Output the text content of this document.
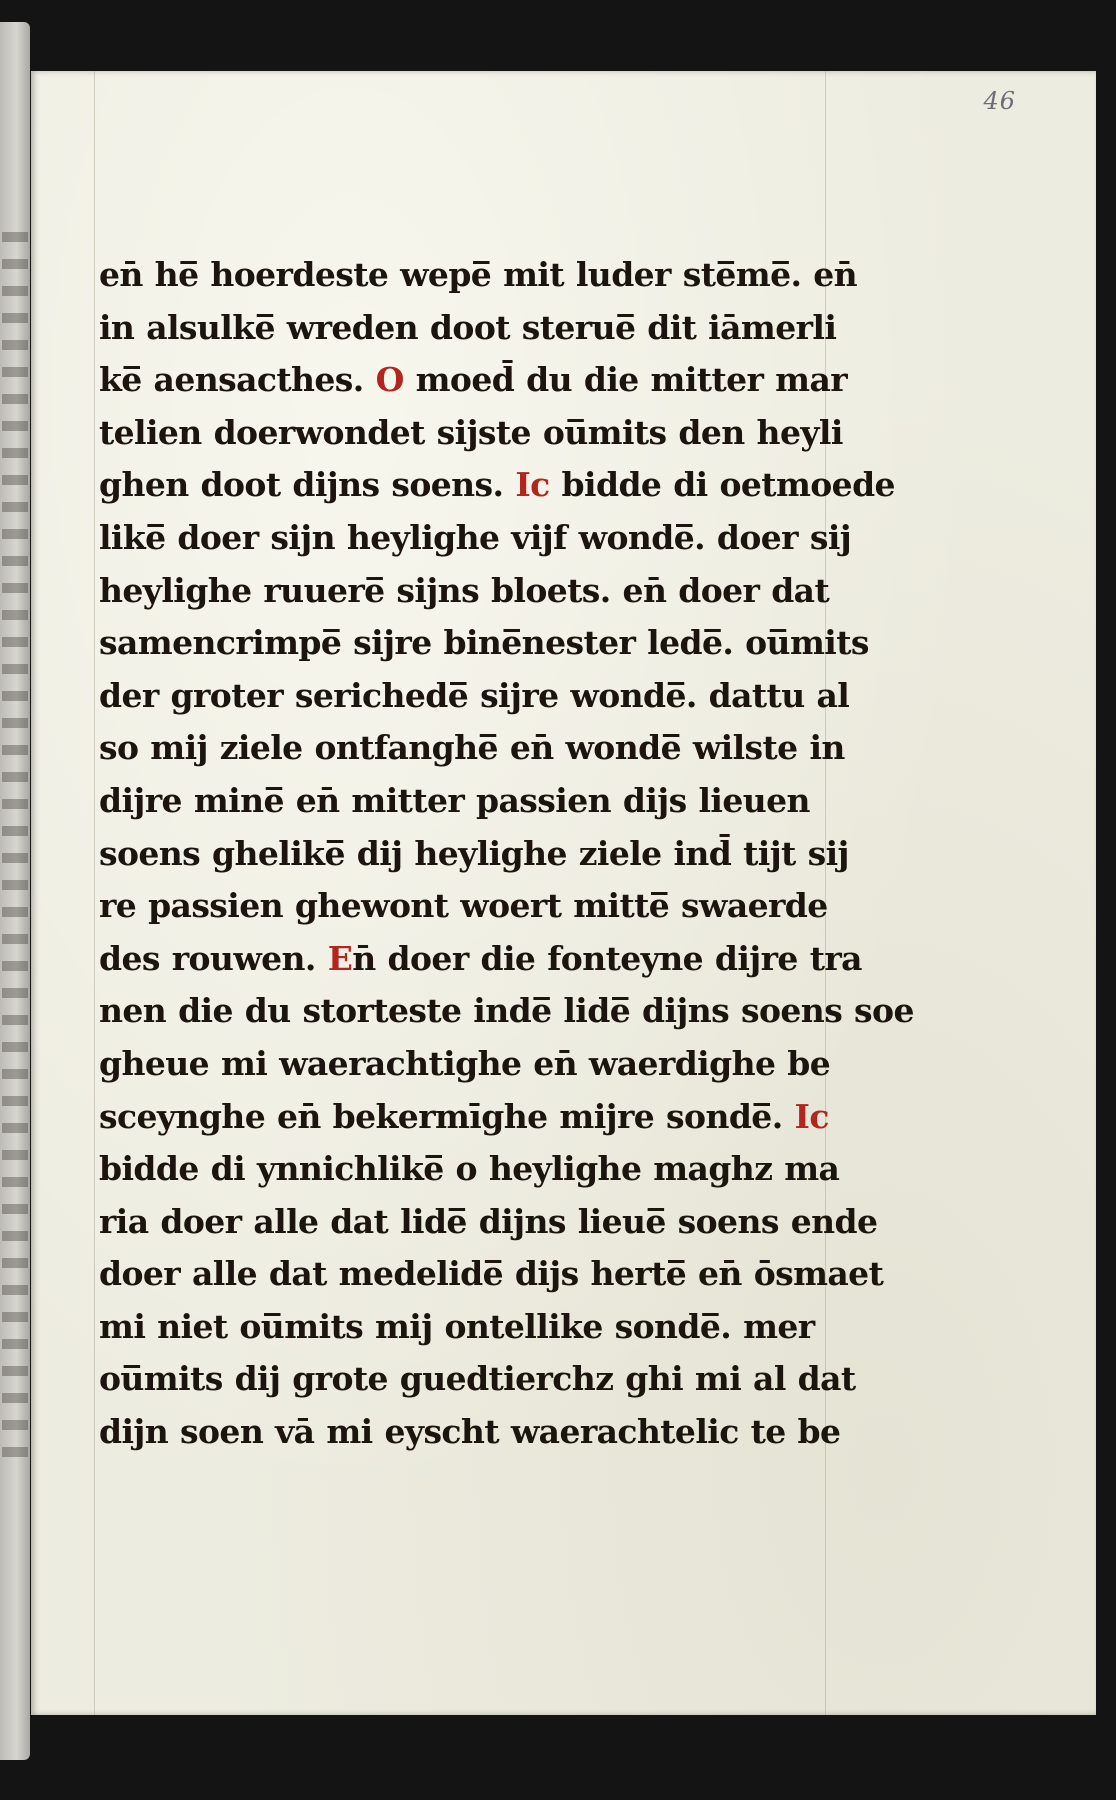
46
en̄ he̅ hoerdeste wepe̅ mit luder ste̅me̅. en̄
in alsulke̅ wreden doot sterue̅ dit iāmerli
ke̅ aensacthes. O moed̄ du die mitter mar
telien doerwondet sijste ou̅mits den heyli
ghen doot dijns soens. Ic bidde di oetmoede
like̅ doer sijn heylighe vijf wonde̅. doer sij
heylighe ruuere̅ sijns bloets. en̄ doer dat
samencrimpe̅ sijre bine̅nester lede̅. ou̅mits
der groter serichede̅ sijre wonde̅. dattu al
so mij ziele ontfanghe̅ en̄ wonde̅ wilste in
dijre mine̅ en̄ mitter passien dijs lieuen
soens ghelike̅ dij heylighe ziele ind̄ tijt sij
re passien ghewont woert mitte̅ swaerde
des rouwen. En̄ doer die fonteyne dijre tra
nen die du storteste inde̅ lide̅ dijns soens soe
gheue mi waerachtighe en̄ waerdighe be
sceynghe en̄ bekermīghe mijre sonde̅. Ic
bidde di ynnichlike̅ o heylighe maghz ma
ria doer alle dat lide̅ dijns lieue̅ soens ende
doer alle dat medelide̅ dijs herte̅ en̄ ōsmaet
mi niet ou̅mits mij ontellike sonde̅. mer
ou̅mits dij grote guedtierchz ghi mi al dat
dijn soen vā mi eyscht waerachtelic te be
